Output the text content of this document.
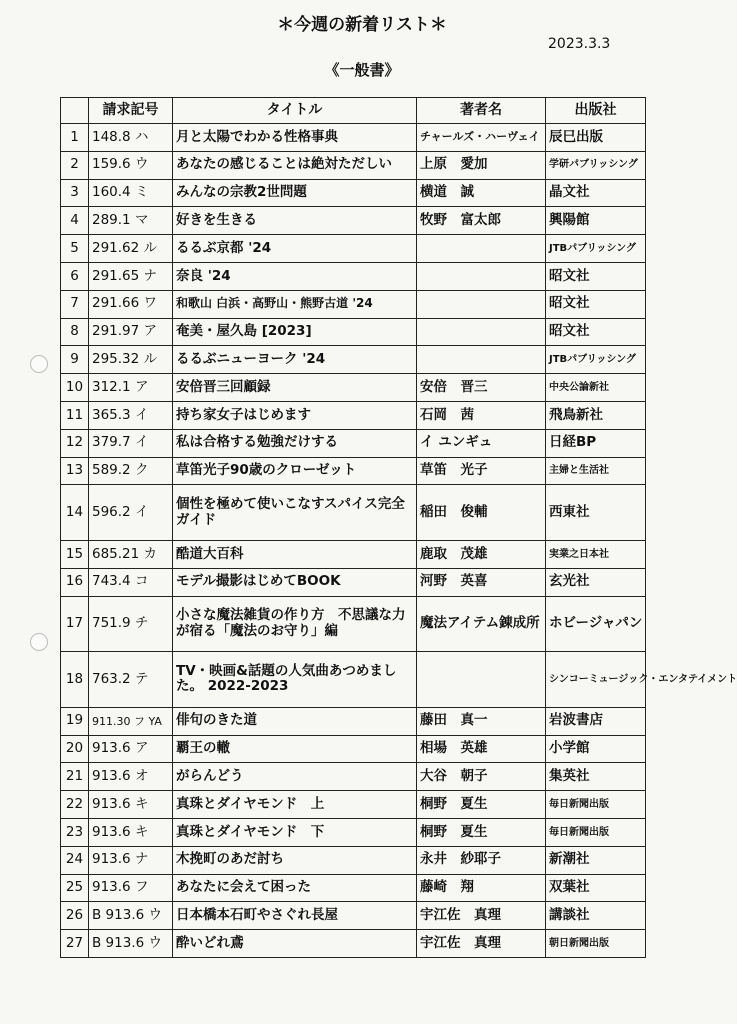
＊今週の新着リスト＊
2023.3.3
《一般書》
	請求記号	タイトル	著者名	出版社
1	148.8 ハ	月と太陽でわかる性格事典	チャールズ・ハーヴェイ	辰巳出版
2	159.6 ウ	あなたの感じることは絶対ただしい	上原　愛加	学研パブリッシング
3	160.4 ミ	みんなの宗教2世問題	横道　誠	晶文社
4	289.1 マ	好きを生きる	牧野　富太郎	興陽館
5	291.62 ル	るるぶ京都 '24		JTBパブリッシング
6	291.65 ナ	奈良 '24		昭文社
7	291.66 ワ	和歌山 白浜・高野山・熊野古道 '24		昭文社
8	291.97 ア	奄美・屋久島 [2023]		昭文社
9	295.32 ル	るるぶニューヨーク '24		JTBパブリッシング
10	312.1 ア	安倍晋三回顧録	安倍　晋三	中央公論新社
11	365.3 イ	持ち家女子はじめます	石岡　茜	飛鳥新社
12	379.7 イ	私は合格する勉強だけする	イ ユンギュ	日経BP
13	589.2 ク	草笛光子90歳のクローゼット	草笛　光子	主婦と生活社
14	596.2 イ	個性を極めて使いこなすスパイス完全ガイド	稲田　俊輔	西東社
15	685.21 カ	酷道大百科	鹿取　茂雄	実業之日本社
16	743.4 コ	モデル撮影はじめてBOOK	河野　英喜	玄光社
17	751.9 チ	小さな魔法雑貨の作り方　不思議な力が宿る「魔法のお守り」編	魔法アイテム錬成所	ホビージャパン
18	763.2 テ	TV・映画&話題の人気曲あつめました。 2022-2023		シンコーミュージック・エンタテイメント
19	911.30 フ YA	俳句のきた道	藤田　真一	岩波書店
20	913.6 ア	覇王の轍	相場　英雄	小学館
21	913.6 オ	がらんどう	大谷　朝子	集英社
22	913.6 キ	真珠とダイヤモンド　上	桐野　夏生	毎日新聞出版
23	913.6 キ	真珠とダイヤモンド　下	桐野　夏生	毎日新聞出版
24	913.6 ナ	木挽町のあだ討ち	永井　紗耶子	新潮社
25	913.6 フ	あなたに会えて困った	藤崎　翔	双葉社
26	B 913.6 ウ	日本橋本石町やさぐれ長屋	宇江佐　真理	講談社
27	B 913.6 ウ	酔いどれ鳶	宇江佐　真理	朝日新聞出版
